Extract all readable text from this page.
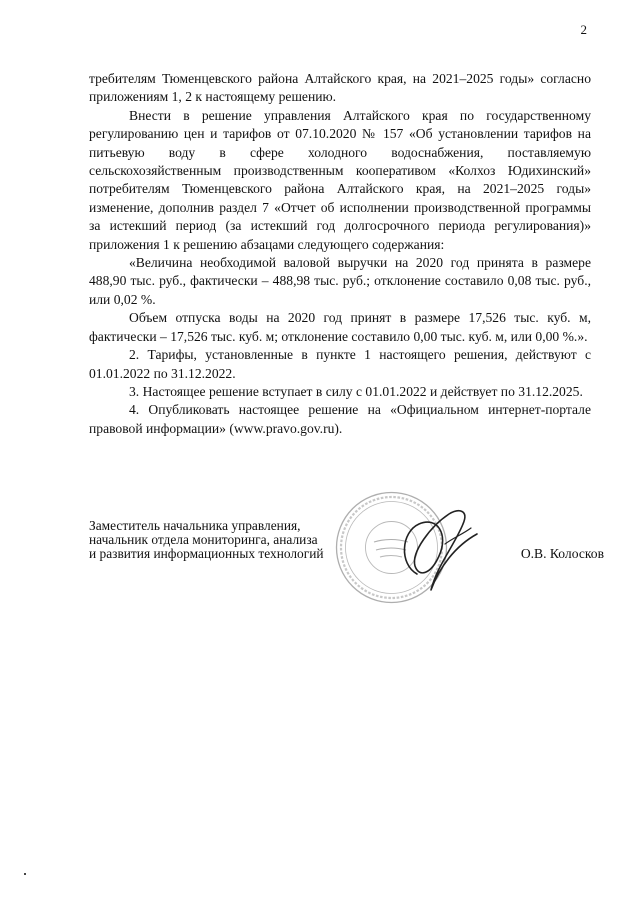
2

требителям Тюменцевского района Алтайского края, на 2021–2025 годы» согласно приложениям 1, 2 к настоящему решению.

Внести в решение управления Алтайского края по государственному регулированию цен и тарифов от 07.10.2020 № 157 «Об установлении тарифов на питьевую воду в сфере холодного водоснабжения, поставляемую сельскохозяйственным производственным кооперативом «Колхоз Юдихинский» потребителям Тюменцевского района Алтайского края, на 2021–2025 годы» изменение, дополнив раздел 7 «Отчет об исполнении производственной программы за истекший период (за истекший год долгосрочного периода регулирования)» приложения 1 к решению абзацами следующего содержания:

«Величина необходимой валовой выручки на 2020 год принята в размере 488,90 тыс. руб., фактически – 488,98 тыс. руб.; отклонение составило 0,08 тыс. руб., или 0,02 %.

Объем отпуска воды на 2020 год принят в размере 17,526 тыс. куб. м, фактически – 17,526 тыс. куб. м; отклонение составило 0,00 тыс. куб. м, или 0,00 %.».

2. Тарифы, установленные в пункте 1 настоящего решения, действуют с 01.01.2022 по 31.12.2022.

3. Настоящее решение вступает в силу с 01.01.2022 и действует по 31.12.2025.

4. Опубликовать настоящее решение на «Официальном интернет-портале правовой информации» (www.pravo.gov.ru).

Заместитель начальника управления,
начальник отдела мониторинга, анализа
и развития информационных технологий	О.В. Колосков
